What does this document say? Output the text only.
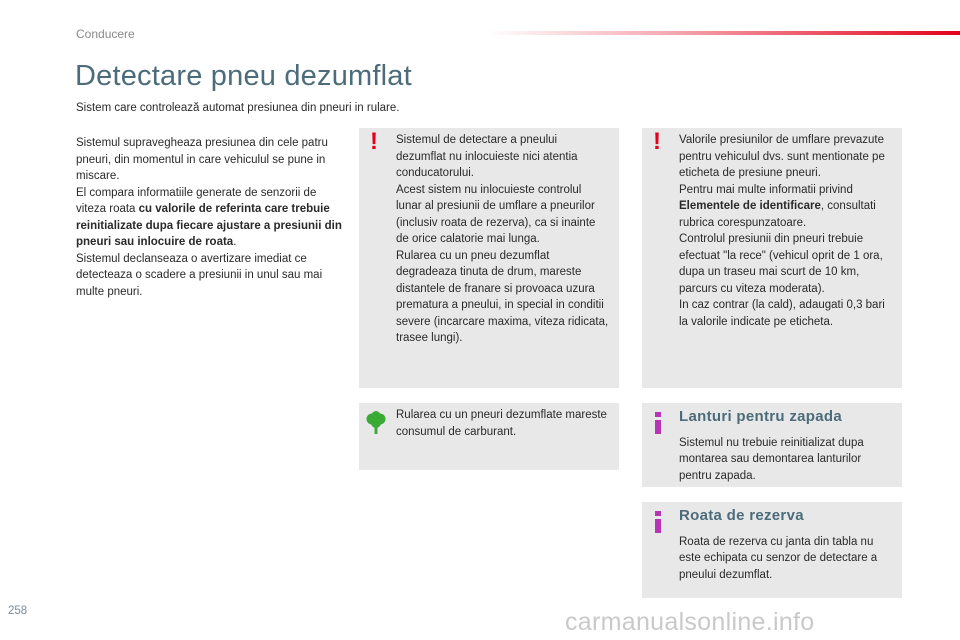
Conducere
Detectare pneu dezumflat
Sistem care controlează automat presiunea din pneuri in rulare.

Sistemul supravegheaza presiunea din cele patru pneuri, din momentul in care vehiculul se pune in miscare.

El compara informatiile generate de senzorii de viteza roata cu valorile de referinta care trebuie reinitializate dupa fiecare ajustare a presiunii din pneuri sau inlocuire de roata.

Sistemul declanseaza o avertizare imediat ce detecteaza o scadere a presiunii in unul sau mai multe pneuri.

! Sistemul de detectare a pneului dezumflat nu inlocuieste nici atentia conducatorului.

Acest sistem nu inlocuieste controlul lunar al presiunii de umflare a pneurilor (inclusiv roata de rezerva), ca si inainte de orice calatorie mai lunga.

Rularea cu un pneu dezumflat degradeaza tinuta de drum, mareste distantele de franare si provoaca uzura prematura a pneului, in special in conditii severe (incarcare maxima, viteza ridicata, trasee lungi).

! Valorile presiunilor de umflare prevazute pentru vehiculul dvs. sunt mentionate pe eticheta de presiune pneuri.

Pentru mai multe informatii privind Elementele de identificare, consultati rubrica corespunzatoare.

Controlul presiunii din pneuri trebuie efectuat "la rece" (vehicul oprit de 1 ora, dupa un traseu mai scurt de 10 km, parcurs cu viteza moderata).

In caz contrar (la cald), adaugati 0,3 bari la valorile indicate pe eticheta.

Rularea cu un pneuri dezumflate mareste consumul de carburant.

Lanturi pentru zapada

Sistemul nu trebuie reinitializat dupa montarea sau demontarea lanturilor pentru zapada.

Roata de rezerva

Roata de rezerva cu janta din tabla nu este echipata cu senzor de detectare a pneului dezumflat.

258	carmanualsonline.info
